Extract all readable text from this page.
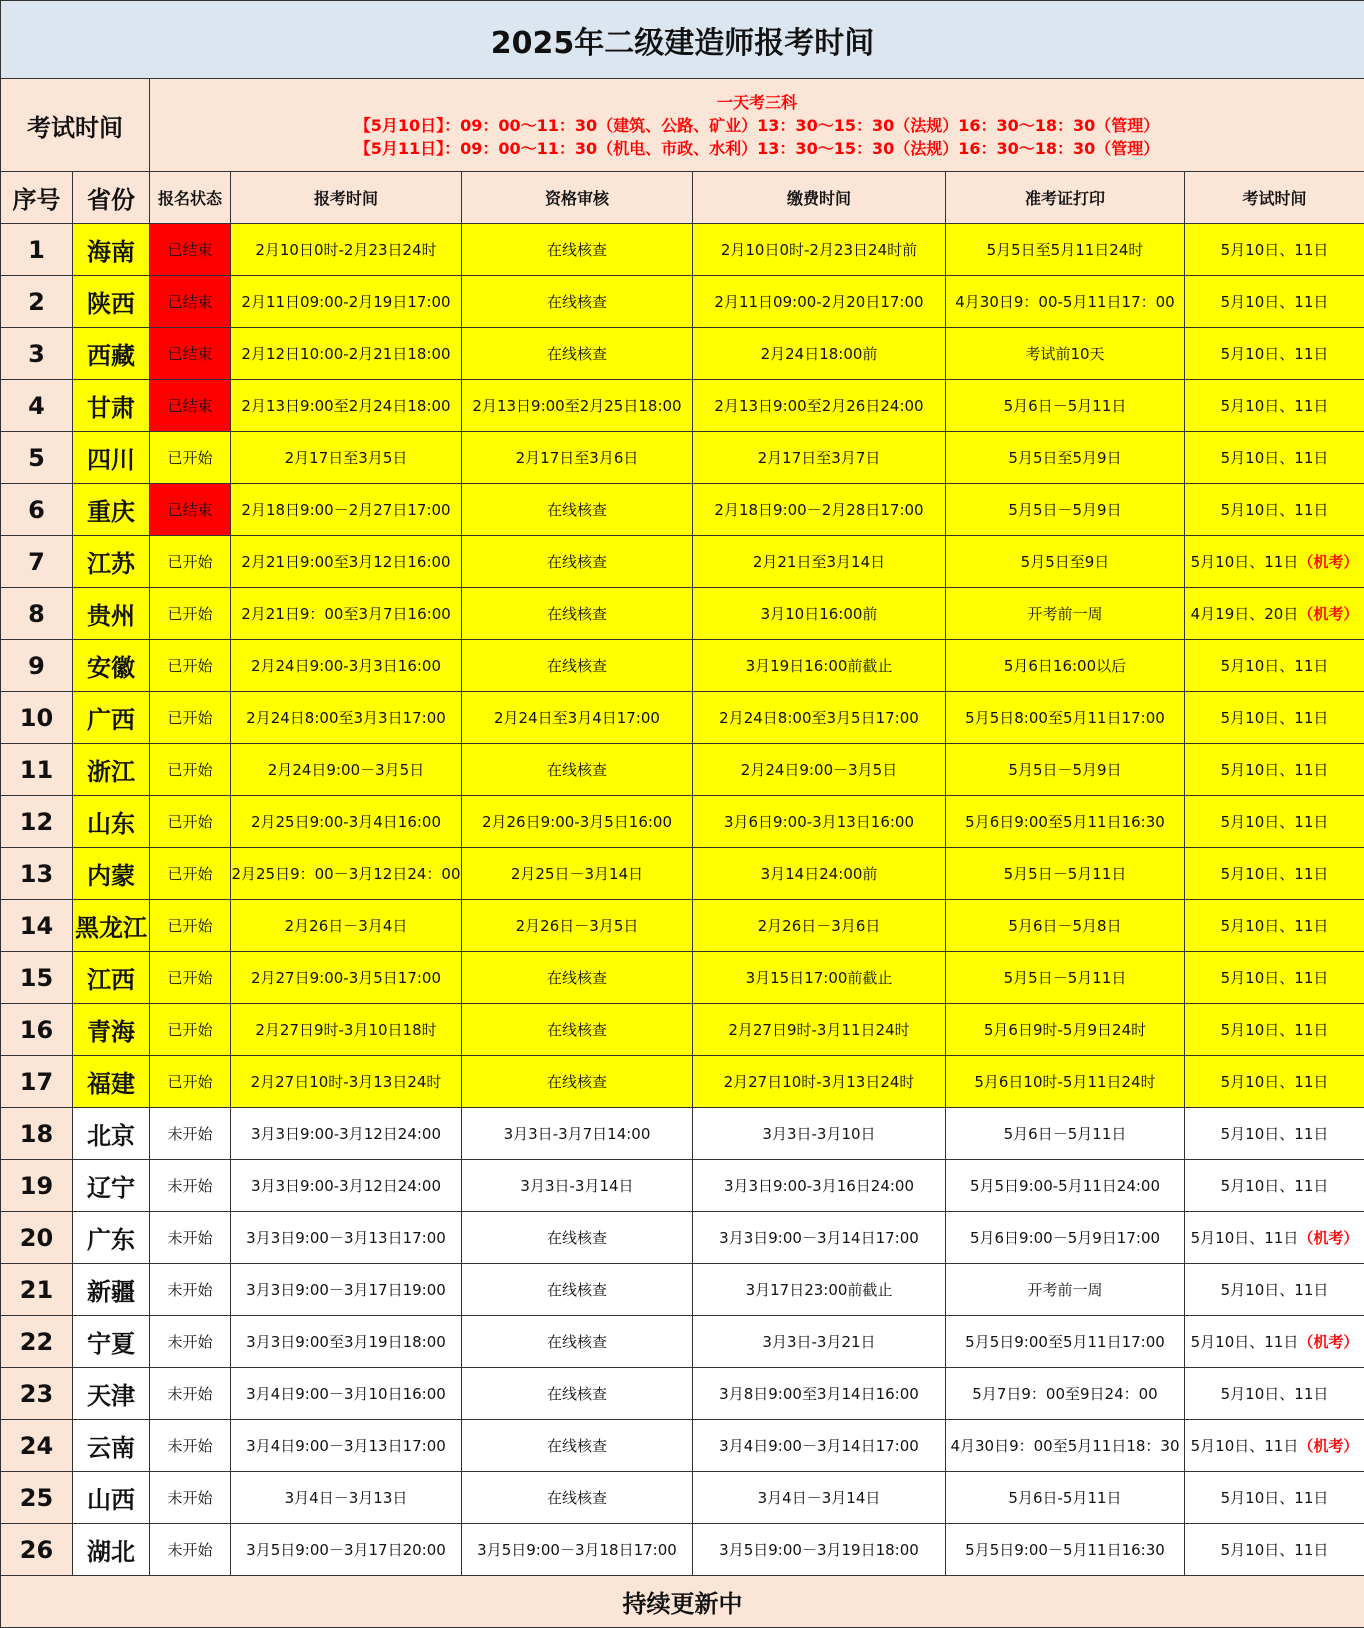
2025年二级建造师报考时间							
考试时间		一天考三科
【5月10日】：09：00～11：30（建筑、公路、矿业）13：30～15：30（法规）16：30～18：30（管理）
【5月11日】：09：00～11：30（机电、市政、水利）13：30～15：30（法规）16：30～18：30（管理）					

序号	省份	报名状态	报考时间	资格审核	缴费时间	准考证打印	考试时间
1	海南	已结束	2月10日0时-2月23日24时	在线核查	2月10日0时-2月23日24时前	5月5日至5月11日24时	5月10日、11日
2	陕西	已结束	2月11日09:00-2月19日17:00	在线核查	2月11日09:00-2月20日17:00	4月30日9：00-5月11日17：00	5月10日、11日
3	西藏	已结束	2月12日10:00-2月21日18:00	在线核查	2月24日18:00前	考试前10天	5月10日、11日
4	甘肃	已结束	2月13日9:00至2月24日18:00	2月13日9:00至2月25日18:00	2月13日9:00至2月26日24:00	5月6日－5月11日	5月10日、11日
5	四川	已开始	2月17日至3月5日	2月17日至3月6日	2月17日至3月7日	5月5日至5月9日	5月10日、11日
6	重庆	已结束	2月18日9:00－2月27日17:00	在线核查	2月18日9:00－2月28日17:00	5月5日－5月9日	5月10日、11日
7	江苏	已开始	2月21日9:00至3月12日16:00	在线核查	2月21日至3月14日	5月5日至9日	5月10日、11日（机考）
8	贵州	已开始	2月21日9：00至3月7日16:00	在线核查	3月10日16:00前	开考前一周	4月19日、20日（机考）
9	安徽	已开始	2月24日9:00-3月3日16:00	在线核查	3月19日16:00前截止	5月6日16:00以后	5月10日、11日
10	广西	已开始	2月24日8:00至3月3日17:00	2月24日至3月4日17:00	2月24日8:00至3月5日17:00	5月5日8:00至5月11日17:00	5月10日、11日
11	浙江	已开始	2月24日9:00－3月5日	在线核查	2月24日9:00－3月5日	5月5日－5月9日	5月10日、11日
12	山东	已开始	2月25日9:00-3月4日16:00	2月26日9:00-3月5日16:00	3月6日9:00-3月13日16:00	5月6日9:00至5月11日16:30	5月10日、11日
13	内蒙	已开始	2月25日9：00－3月12日24：00	2月25日－3月14日	3月14日24:00前	5月5日－5月11日	5月10日、11日
14	黑龙江	已开始	2月26日－3月4日	2月26日－3月5日	2月26日－3月6日	5月6日－5月8日	5月10日、11日
15	江西	已开始	2月27日9:00-3月5日17:00	在线核查	3月15日17:00前截止	5月5日－5月11日	5月10日、11日
16	青海	已开始	2月27日9时-3月10日18时	在线核查	2月27日9时-3月11日24时	5月6日9时-5月9日24时	5月10日、11日
17	福建	已开始	2月27日10时-3月13日24时	在线核查	2月27日10时-3月13日24时	5月6日10时-5月11日24时	5月10日、11日
18	北京	未开始	3月3日9:00-3月12日24:00	3月3日-3月7日14:00	3月3日-3月10日	5月6日－5月11日	5月10日、11日
19	辽宁	未开始	3月3日9:00-3月12日24:00	3月3日-3月14日	3月3日9:00-3月16日24:00	5月5日9:00-5月11日24:00	5月10日、11日
20	广东	未开始	3月3日9:00－3月13日17:00	在线核查	3月3日9:00－3月14日17:00	5月6日9:00－5月9日17:00	5月10日、11日（机考）
21	新疆	未开始	3月3日9:00－3月17日19:00	在线核查	3月17日23:00前截止	开考前一周	5月10日、11日
22	宁夏	未开始	3月3日9:00至3月19日18:00	在线核查	3月3日-3月21日	5月5日9:00至5月11日17:00	5月10日、11日（机考）
23	天津	未开始	3月4日9:00－3月10日16:00	在线核查	3月8日9:00至3月14日16:00	5月7日9：00至9日24：00	5月10日、11日
24	云南	未开始	3月4日9:00－3月13日17:00	在线核查	3月4日9:00－3月14日17:00	4月30日9：00至5月11日18：30	5月10日、11日（机考）
25	山西	未开始	3月4日－3月13日	在线核查	3月4日－3月14日	5月6日-5月11日	5月10日、11日
26	湖北	未开始	3月5日9:00－3月17日20:00	3月5日9:00－3月18日17:00	3月5日9:00－3月19日18:00	5月5日9:00－5月11日16:30	5月10日、11日
持续更新中							
